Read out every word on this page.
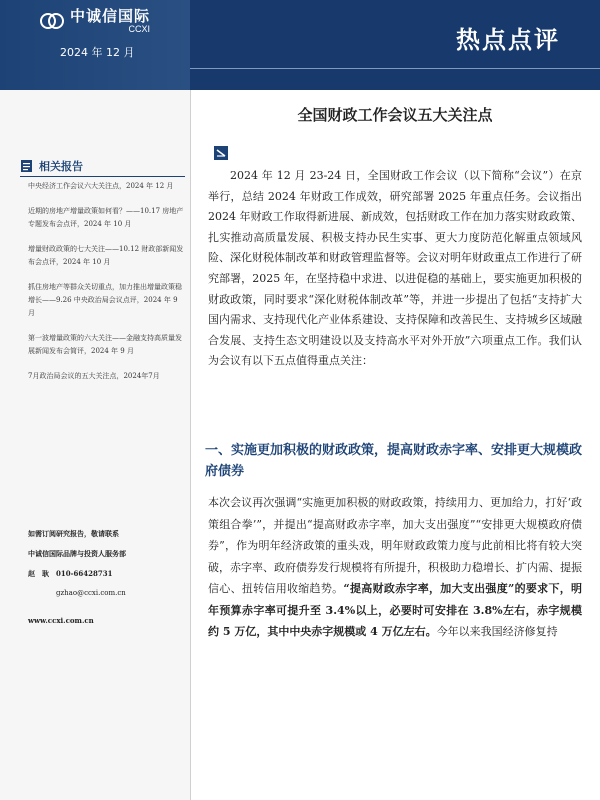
中诚信国际
CCXI
2024 年 12 月	热点点评
相关报告
中央经济工作会议六大关注点，2024 年 12 月
近期的房地产增量政策如何看？——10.17 房地产专题发布会点评，2024 年 10 月
增量财政政策的七大关注——10.12 财政部新闻发布会点评，2024 年 10 月
抓住房地产等群众关切重点，加力推出增量政策稳增长——9.26 中央政治局会议点评，2024 年 9 月
第一波增量政策的六大关注——金融支持高质量发展新闻发布会简评，2024 年 9 月
7月政治局会议的五大关注点，2024年7月
如需订阅研究报告，敬请联系
中诚信国际品牌与投资人服务部
赵　耿　010-66428731
gzhao@ccxi.com.cn
www.ccxi.com.cn
全国财政工作会议五大关注点

2024 年 12 月 23-24 日，全国财政工作会议（以下简称“会议”）在京举行，总结 2024 年财政工作成效，研究部署 2025 年重点任务。会议指出 2024 年财政工作取得新进展、新成效，包括财政工作在加力落实财政政策、扎实推动高质量发展、积极支持办民生实事、更大力度防范化解重点领域风险、深化财税体制改革和财政管理监督等。会议对明年财政重点工作进行了研究部署，2025 年，在坚持稳中求进、以进促稳的基础上，要实施更加积极的财政政策，同时要求“深化财税体制改革”等，并进一步提出了包括“支持扩大国内需求、支持现代化产业体系建设、支持保障和改善民生、支持城乡区域融合发展、支持生态文明建设以及支持高水平对外开放”六项重点工作。我们认为会议有以下五点值得重点关注：

一、实施更加积极的财政政策，提高财政赤字率、安排更大规模政府债券

本次会议再次强调“实施更加积极的财政政策，持续用力、更加给力，打好‘政策组合拳’”，并提出“提高财政赤字率，加大支出强度”“安排更大规模政府债券”，作为明年经济政策的重头戏，明年财政政策力度与此前相比将有较大突破，赤字率、政府债券发行规模将有所提升，积极助力稳增长、扩内需、提振信心、扭转信用收缩趋势。“提高财政赤字率，加大支出强度”的要求下，明年预算赤字率可提升至 3.4%以上，必要时可安排在 3.8%左右，赤字规模约 5 万亿，其中中央赤字规模或 4 万亿左右。今年以来我国经济修复持
